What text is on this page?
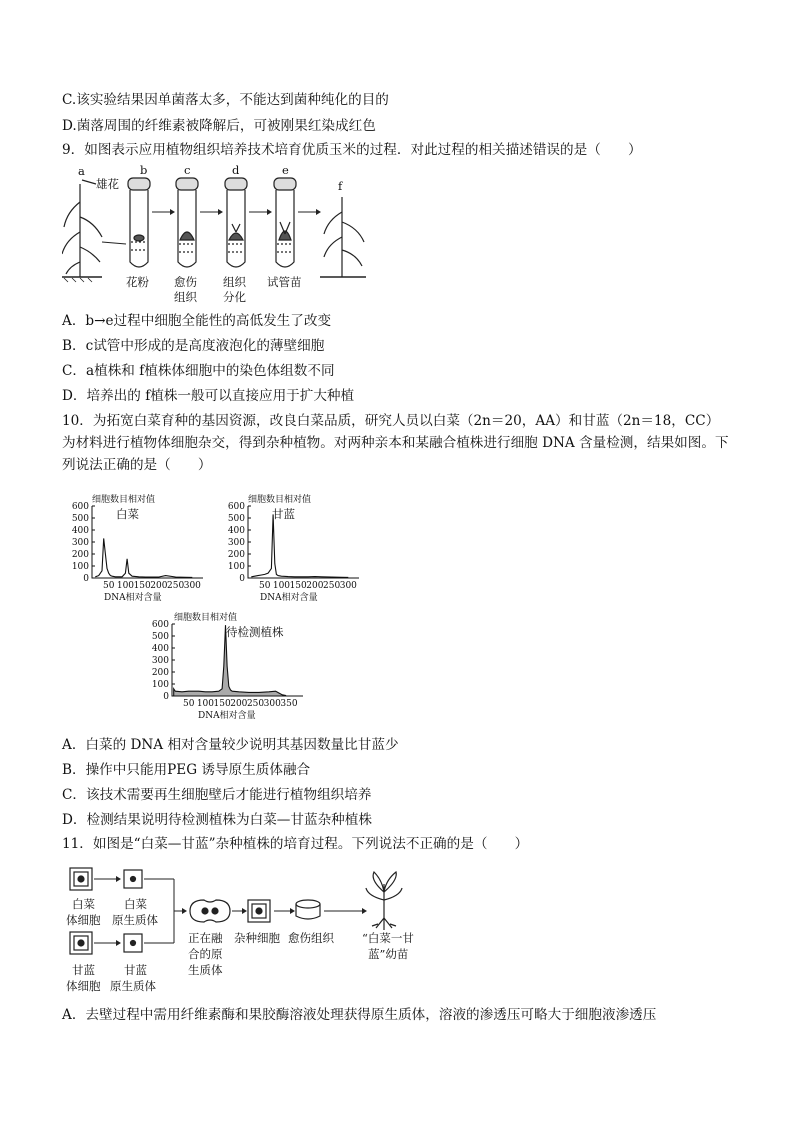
C.该实验结果因单菌落太多，不能达到菌种纯化的目的
D.菌落周围的纤维素被降解后，可被刚果红染成红色
9．如图表示应用植物组织培养技术培育优质玉米的过程．对此过程的相关描述错误的是（　　）
a	b	c	d	e
f
雄花
花粉 愈伤
组织
组织
分化
试管苗
A．b→e过程中细胞全能性的高低发生了改变
B．c试管中形成的是高度液泡化的薄壁细胞
C．a植株和 f植株体细胞中的染色体组数不同
D．培养出的 f植株一般可以直接应用于扩大种植
10．为拓宽白菜育种的基因资源，改良白菜品质，研究人员以白菜（2n＝20，AA）和甘蓝（2n＝18，CC）为材料进行植物体细胞杂交，得到杂种植物。对两种亲本和某融合植株进行细胞 DNA 含量检测，结果如图。下列说法正确的是（　　）
细胞数目相对值
白菜
0
100
200
300
400
500
600
50 100 150 200 250 300
DNA相对含量
细胞数目相对值
甘蓝
0
100
200
300
400
500
600
50 100 150 200 250 300
DNA相对含量
细胞数目相对值
待检测植株
0
100
200
300
400
500
600
50 100 150 200 250 300 350
DNA相对含量
A．白菜的 DNA 相对含量较少说明其基因数量比甘蓝少
B．操作中只能用PEG 诱导原生质体融合
C．该技术需要再生细胞壁后才能进行植物组织培养
D．检测结果说明待检测植株为白菜—甘蓝杂种植株
11．如图是“白菜—甘蓝”杂种植株的培育过程。下列说法不正确的是（　　）
白菜
体细胞
白菜
原生质体
甘蓝
体细胞
甘蓝
原生质体
正在融
合的原
生质体
杂种细胞 愈伤组织 “白菜一甘
蓝”幼苗
A．去壁过程中需用纤维素酶和果胶酶溶液处理获得原生质体，溶液的渗透压可略大于细胞液渗透压
